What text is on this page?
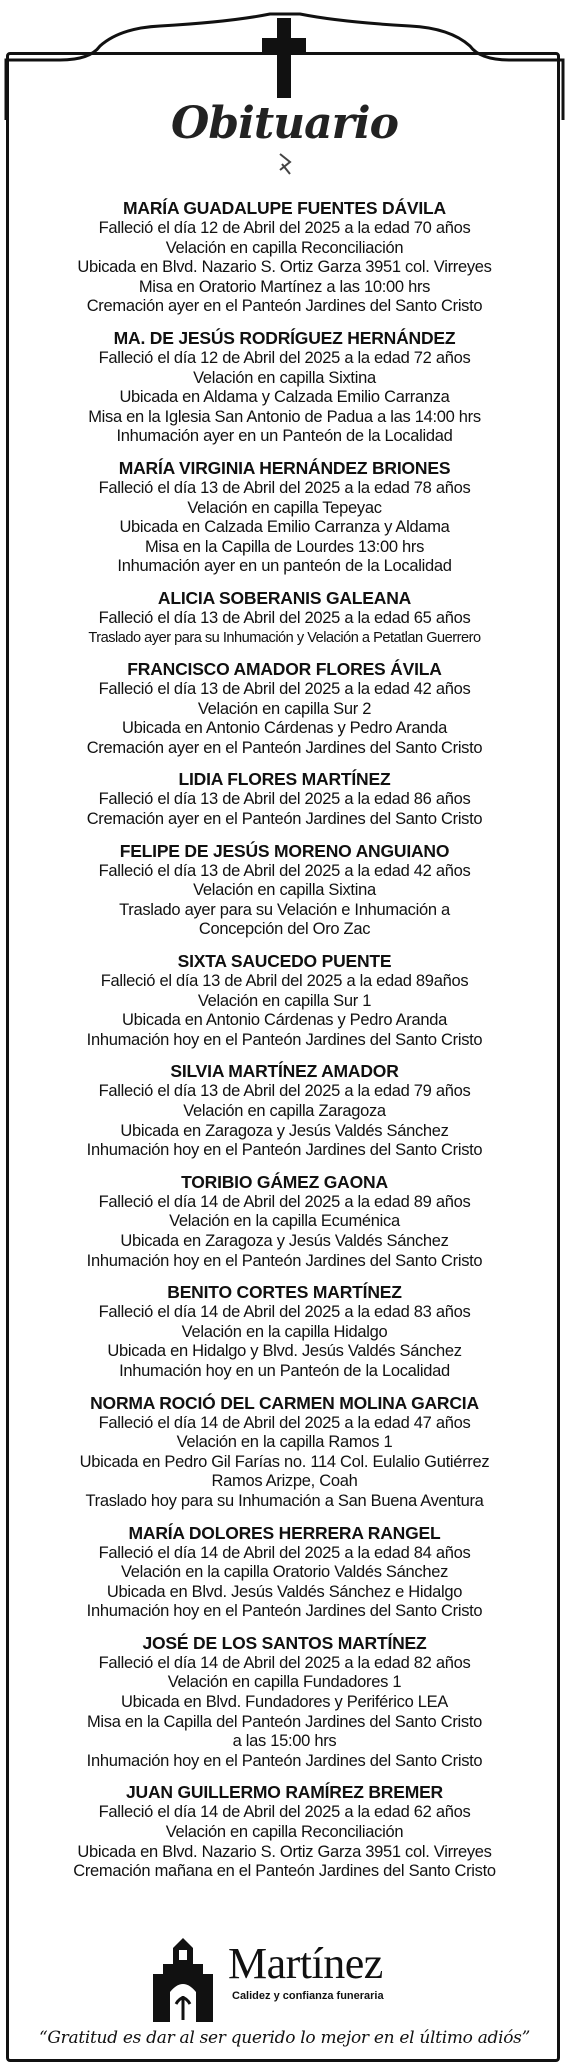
Obituario
MARÍA GUADALUPE FUENTES DÁVILA
Falleció el día 12 de Abril del 2025 a la edad 70 años
Velación en capilla Reconciliación
Ubicada en Blvd. Nazario S. Ortiz Garza 3951 col. Virreyes
Misa en Oratorio Martínez a las 10:00 hrs
Cremación ayer en el Panteón Jardines del Santo Cristo
MA. DE JESÚS RODRÍGUEZ HERNÁNDEZ
Falleció el día 12 de Abril del 2025 a la edad 72 años
Velación en capilla Sixtina
Ubicada en Aldama y Calzada Emilio Carranza
Misa en la Iglesia San Antonio de Padua a las 14:00 hrs
Inhumación ayer en un Panteón de la Localidad
MARÍA VIRGINIA HERNÁNDEZ BRIONES
Falleció el día 13 de Abril del 2025 a la edad 78 años
Velación en capilla Tepeyac
Ubicada en Calzada Emilio Carranza y Aldama
Misa en la Capilla de Lourdes 13:00 hrs
Inhumación ayer en un panteón de la Localidad
ALICIA SOBERANIS GALEANA
Falleció el día 13 de Abril del 2025 a la edad 65 años
Traslado ayer para su Inhumación y Velación a Petatlan Guerrero
FRANCISCO AMADOR FLORES ÁVILA
Falleció el día 13 de Abril del 2025 a la edad 42 años
Velación en capilla Sur 2
Ubicada en Antonio Cárdenas y Pedro Aranda
Cremación ayer en el Panteón Jardines del Santo Cristo
LIDIA FLORES MARTÍNEZ
Falleció el día 13 de Abril del 2025 a la edad 86 años
Cremación ayer en el Panteón Jardines del Santo Cristo
FELIPE DE JESÚS MORENO ANGUIANO
Falleció el día 13 de Abril del 2025 a la edad 42 años
Velación en capilla Sixtina
Traslado ayer para su Velación e Inhumación a
Concepción del Oro Zac
SIXTA SAUCEDO PUENTE
Falleció el día 13 de Abril del 2025 a la edad 89años
Velación en capilla Sur 1
Ubicada en Antonio Cárdenas y Pedro Aranda
Inhumación hoy en el Panteón Jardines del Santo Cristo
SILVIA MARTÍNEZ AMADOR
Falleció el día 13 de Abril del 2025 a la edad 79 años
Velación en capilla Zaragoza
Ubicada en Zaragoza y Jesús Valdés Sánchez
Inhumación hoy en el Panteón Jardines del Santo Cristo
TORIBIO GÁMEZ GAONA
Falleció el día 14 de Abril del 2025 a la edad 89 años
Velación en la capilla Ecuménica
Ubicada en Zaragoza y Jesús Valdés Sánchez
Inhumación hoy en el Panteón Jardines del Santo Cristo
BENITO CORTES MARTÍNEZ
Falleció el día 14 de Abril del 2025 a la edad 83 años
Velación en la capilla Hidalgo
Ubicada en Hidalgo y Blvd. Jesús Valdés Sánchez
Inhumación hoy en un Panteón de la Localidad
NORMA ROCIÓ DEL CARMEN MOLINA GARCIA
Falleció el día 14 de Abril del 2025 a la edad 47 años
Velación en la capilla Ramos 1
Ubicada en Pedro Gil Farías no. 114 Col. Eulalio Gutiérrez
Ramos Arizpe, Coah
Traslado hoy para su Inhumación a San Buena Aventura
MARÍA DOLORES HERRERA RANGEL
Falleció el día 14 de Abril del 2025 a la edad 84 años
Velación en la capilla Oratorio Valdés Sánchez
Ubicada en Blvd. Jesús Valdés Sánchez e Hidalgo
Inhumación hoy en el Panteón Jardines del Santo Cristo
JOSÉ DE LOS SANTOS MARTÍNEZ
Falleció el día 14 de Abril del 2025 a la edad 82 años
Velación en capilla Fundadores 1
Ubicada en Blvd. Fundadores y Periférico LEA
Misa en la Capilla del Panteón Jardines del Santo Cristo
a las 15:00 hrs
Inhumación hoy en el Panteón Jardines del Santo Cristo
JUAN GUILLERMO RAMÍREZ BREMER
Falleció el día 14 de Abril del 2025 a la edad 62 años
Velación en capilla Reconciliación
Ubicada en Blvd. Nazario S. Ortiz Garza 3951 col. Virreyes
Cremación mañana en el Panteón Jardines del Santo Cristo
Martínez
Calidez y confianza funeraria
“Gratitud es dar al ser querido lo mejor en el último adiós”
